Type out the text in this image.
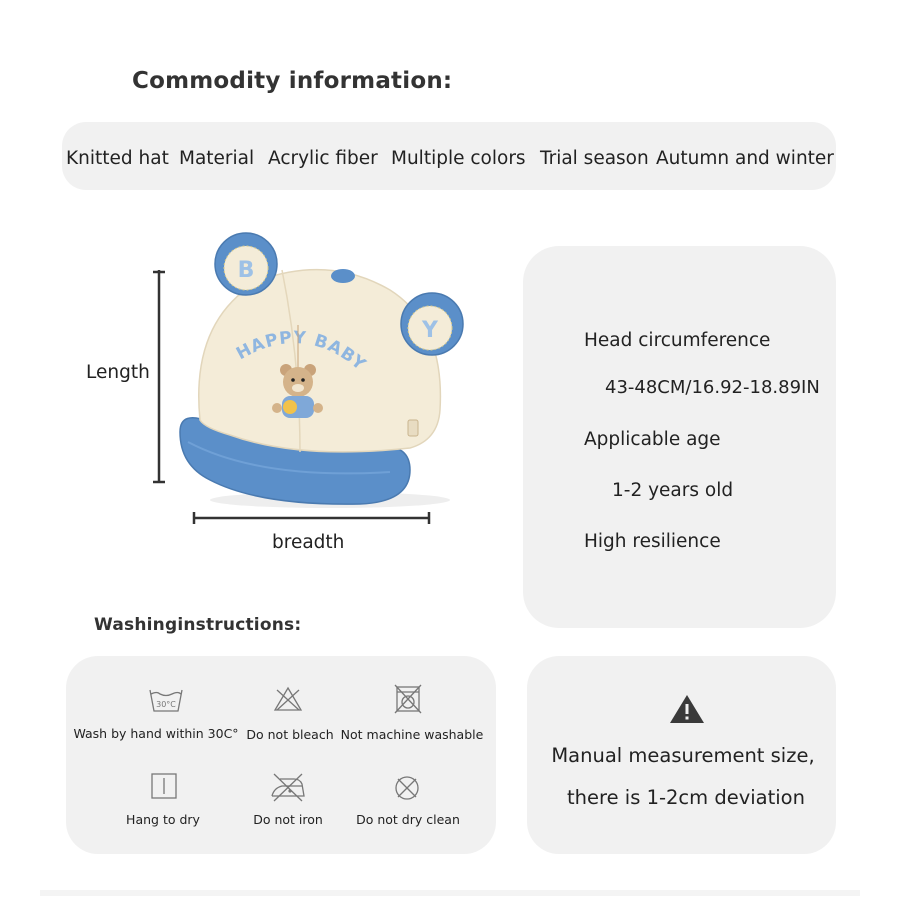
Commodity information:
Knitted hat Material Acrylic fiber Multiple colors Trial season Autumn and winter
B
Y
HAPPY BABY
Length
breadth
Head circumference
43-48CM/16.92-18.89IN
Applicable age
1-2 years old
High resilience
Washinginstructions:
30°C
Wash by hand within 30C° Do not bleach Not machine washable
Hang to dry	Do not iron	Do not dry clean
Manual measurement size,
there is 1-2cm deviation
